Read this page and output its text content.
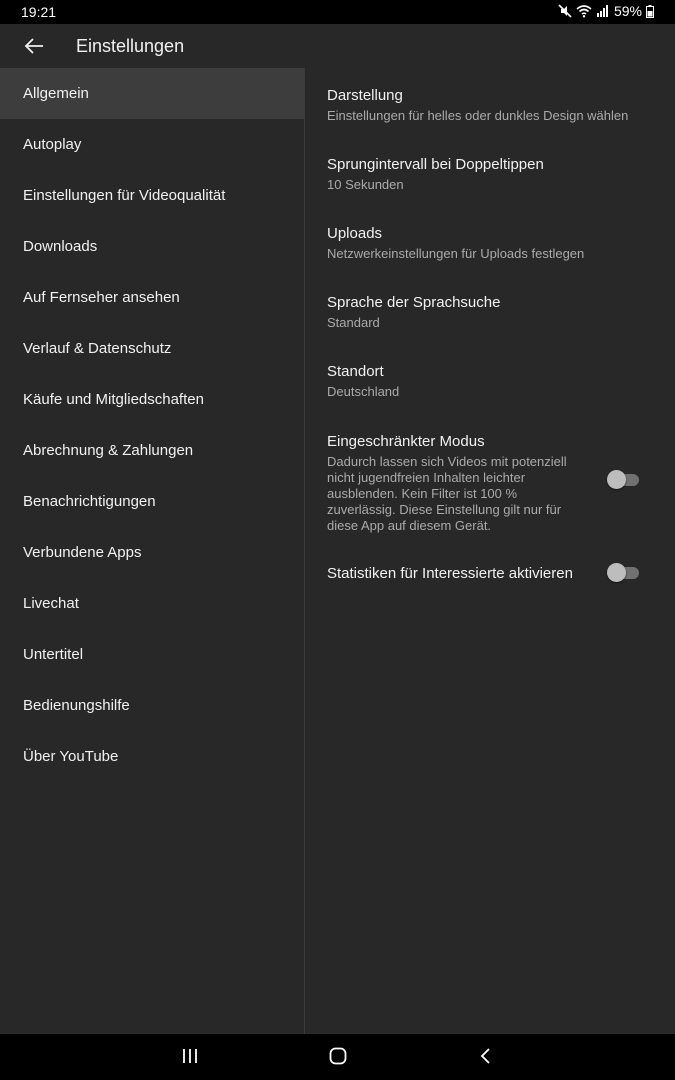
19:21	59%
Einstellungen
Allgemein
Autoplay
Einstellungen für Videoqualität
Downloads
Auf Fernseher ansehen
Verlauf & Datenschutz
Käufe und Mitgliedschaften
Abrechnung & Zahlungen
Benachrichtigungen
Verbundene Apps
Livechat
Untertitel
Bedienungshilfe
Über YouTube
Darstellung
Einstellungen für helles oder dunkles Design wählen
Sprungintervall bei Doppeltippen
10 Sekunden
Uploads
Netzwerkeinstellungen für Uploads festlegen
Sprache der Sprachsuche
Standard
Standort
Deutschland
Eingeschränkter Modus
Dadurch lassen sich Videos mit potenziell nicht jugendfreien Inhalten leichter ausblenden. Kein Filter ist 100 % zuverlässig. Diese Einstellung gilt nur für diese App auf diesem Gerät.
Statistiken für Interessierte aktivieren
